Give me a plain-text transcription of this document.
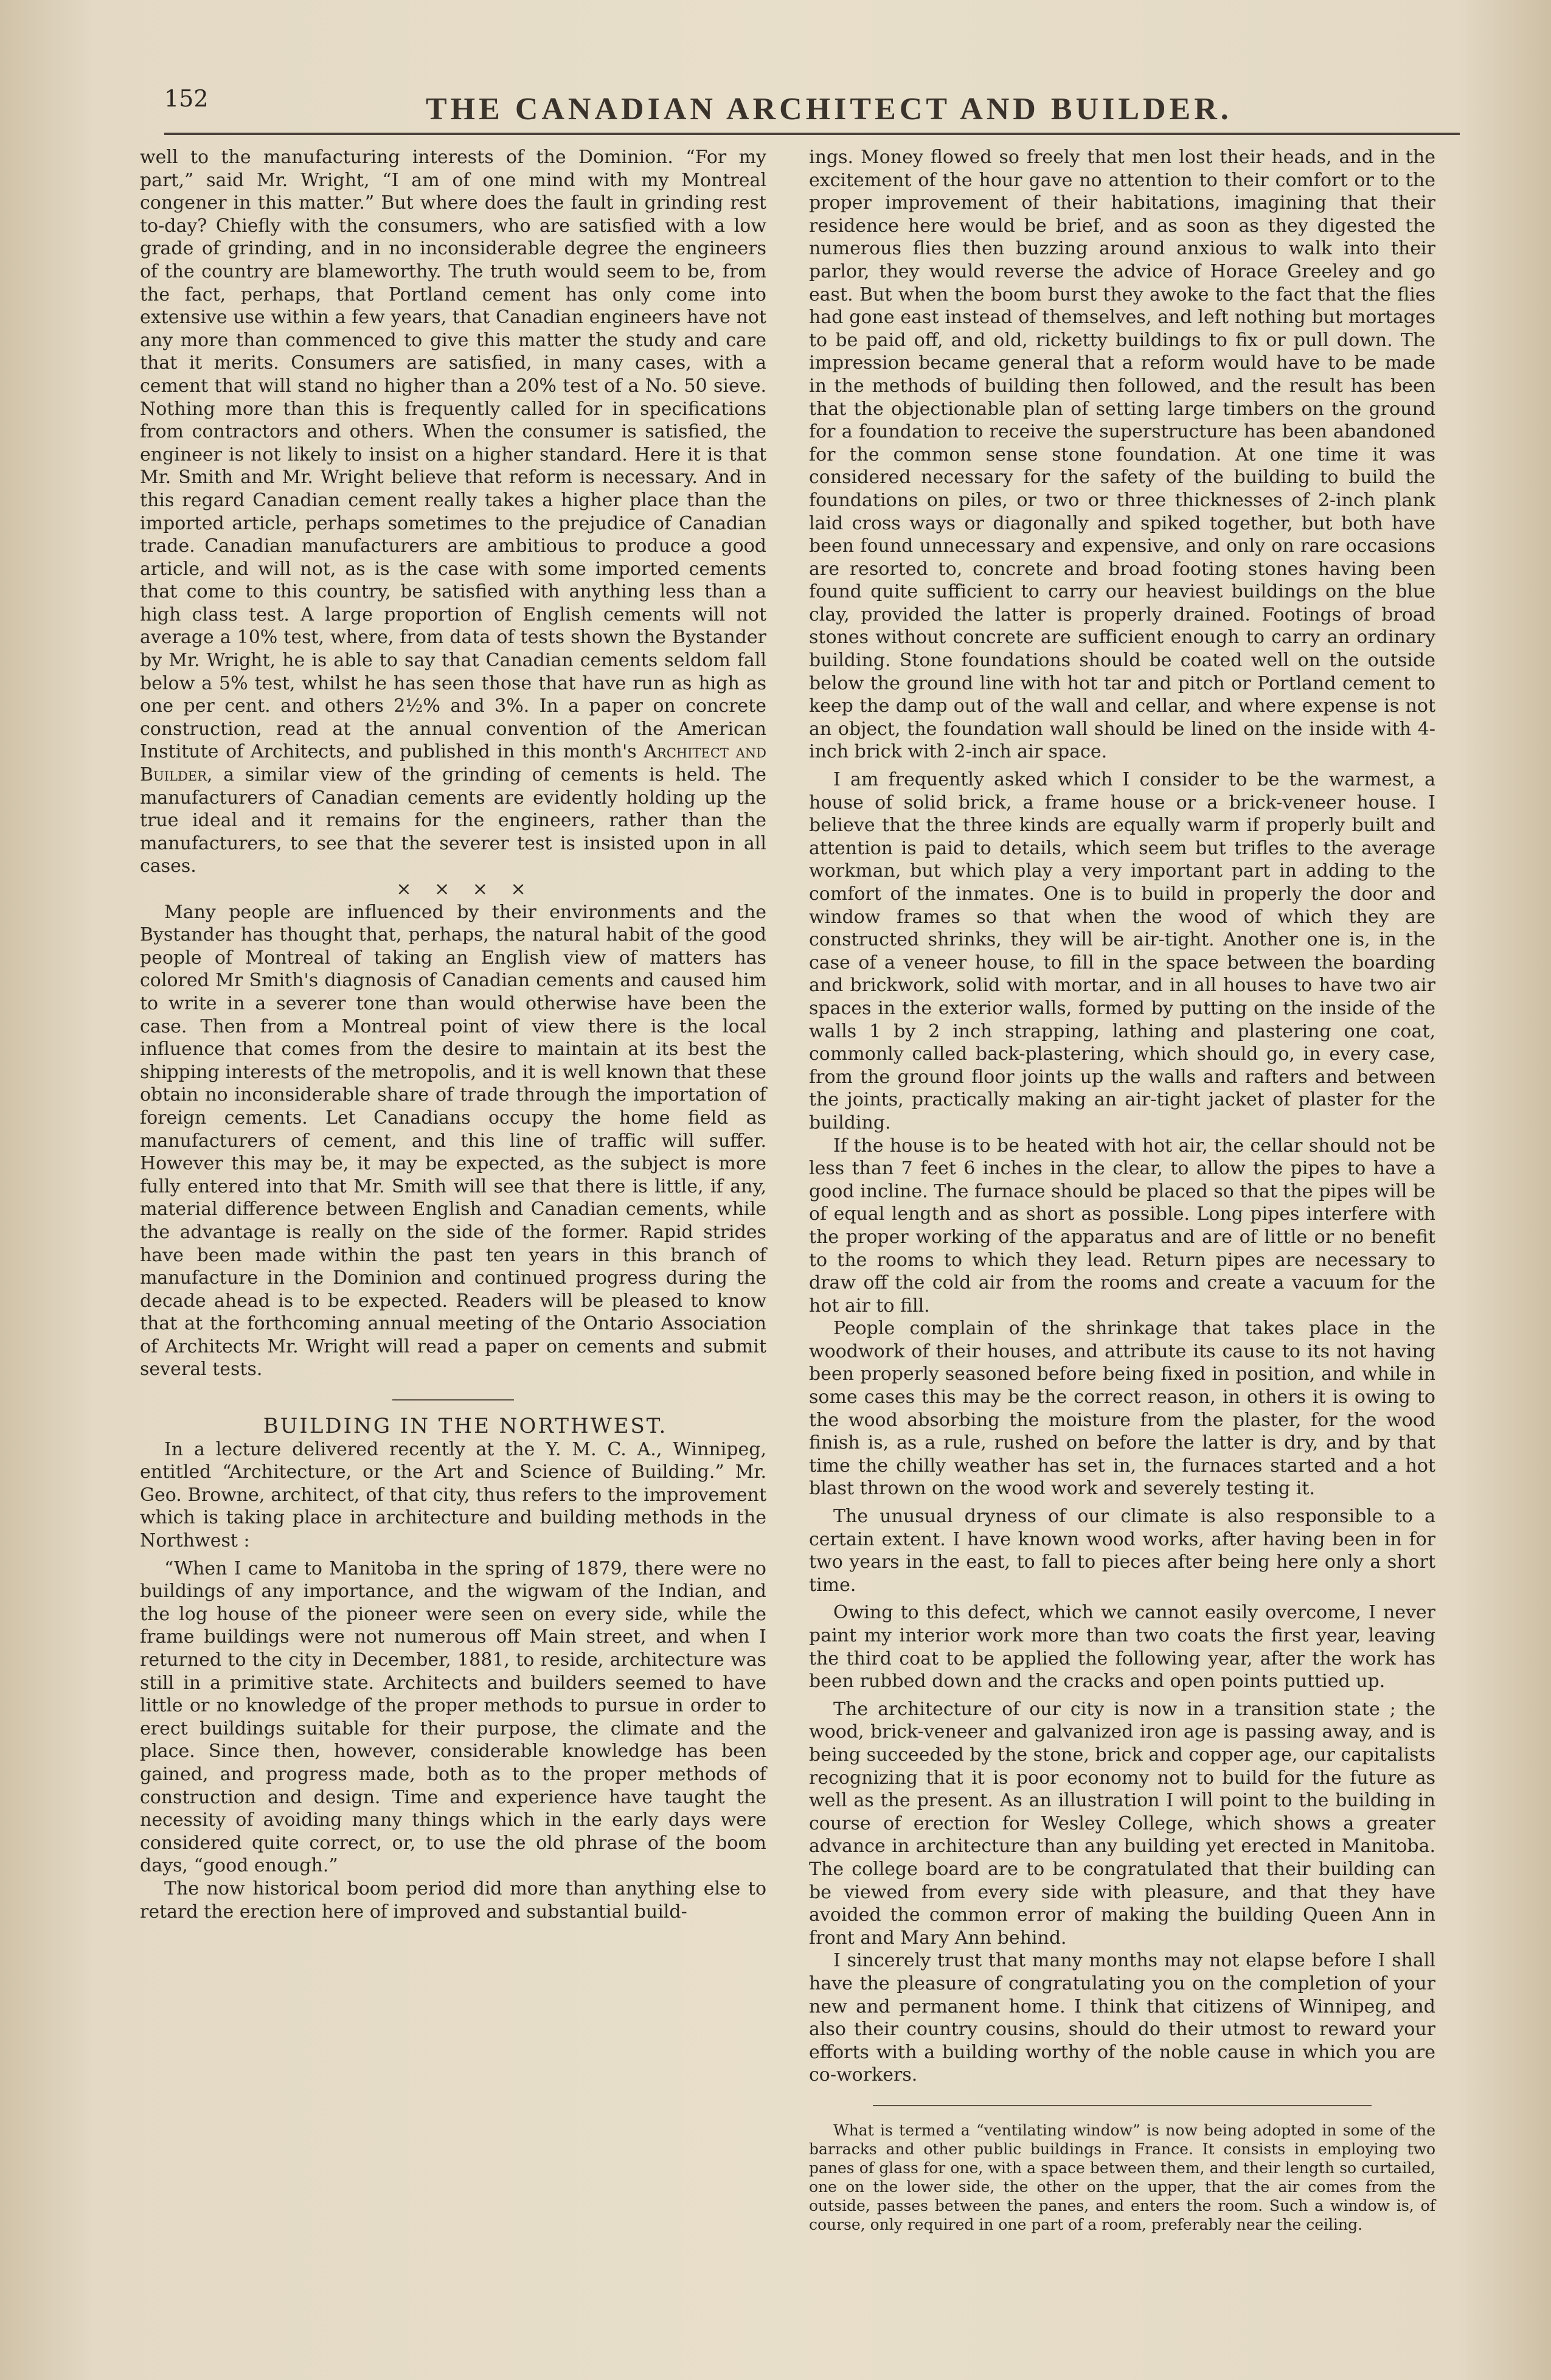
152	THE CANADIAN ARCHITECT AND BUILDER.

well to the manufacturing interests of the Dominion. “For my part,” said Mr. Wright, “I am of one mind with my Montreal congener in this matter.” But where does the fault in grinding rest to-day? Chiefly with the consumers, who are satisfied with a low grade of grinding, and in no inconsiderable degree the engineers of the country are blameworthy. The truth would seem to be, from the fact, perhaps, that Portland cement has only come into extensive use within a few years, that Canadian engineers have not any more than commenced to give this matter the study and care that it merits. Consumers are satisfied, in many cases, with a cement that will stand no higher than a 20% test of a No. 50 sieve. Nothing more than this is frequently called for in specifications from contractors and others. When the consumer is satisfied, the engineer is not likely to insist on a higher standard. Here it is that Mr. Smith and Mr. Wright believe that reform is necessary. And in this regard Canadian cement really takes a higher place than the imported article, perhaps sometimes to the prejudice of Canadian trade. Canadian manufacturers are ambitious to produce a good article, and will not, as is the case with some imported cements that come to this country, be satisfied with anything less than a high class test. A large proportion of English cements will not average a 10% test, where, from data of tests shown the Bystander by Mr. Wright, he is able to say that Canadian cements seldom fall below a 5% test, whilst he has seen those that have run as high as one per cent. and others 2½% and 3%. In a paper on concrete construction, read at the annual convention of the American Institute of Architects, and published in this month's Architect and Builder, a similar view of the grinding of cements is held. The manufacturers of Canadian cements are evidently holding up the true ideal and it remains for the engineers, rather than the manufacturers, to see that the severer test is insisted upon in all cases.

× × × ×

Many people are influenced by their environments and the Bystander has thought that, perhaps, the natural habit of the good people of Montreal of taking an English view of matters has colored Mr Smith's diagnosis of Canadian cements and caused him to write in a severer tone than would otherwise have been the case. Then from a Montreal point of view there is the local influence that comes from the desire to maintain at its best the shipping interests of the metropolis, and it is well known that these obtain no inconsiderable share of trade through the importation of foreign cements. Let Canadians occupy the home field as manufacturers of cement, and this line of traffic will suffer. However this may be, it may be expected, as the subject is more fully entered into that Mr. Smith will see that there is little, if any, material difference between English and Canadian cements, while the advantage is really on the side of the former. Rapid strides have been made within the past ten years in this branch of manufacture in the Dominion and continued progress during the decade ahead is to be expected. Readers will be pleased to know that at the forthcoming annual meeting of the Ontario Association of Architects Mr. Wright will read a paper on cements and submit several tests.

BUILDING IN THE NORTHWEST.

In a lecture delivered recently at the Y. M. C. A., Winnipeg, entitled “Architecture, or the Art and Science of Building.” Mr. Geo. Browne, architect, of that city, thus refers to the improvement which is taking place in architecture and building methods in the Northwest :

“When I came to Manitoba in the spring of 1879, there were no buildings of any importance, and the wigwam of the Indian, and the log house of the pioneer were seen on every side, while the frame buildings were not numerous off Main street, and when I returned to the city in December, 1881, to reside, architecture was still in a primitive state. Architects and builders seemed to have little or no knowledge of the proper methods to pursue in order to erect buildings suitable for their purpose, the climate and the place. Since then, however, considerable knowledge has been gained, and progress made, both as to the proper methods of construction and design. Time and experience have taught the necessity of avoiding many things which in the early days were considered quite correct, or, to use the old phrase of the boom days, “good enough.”

The now historical boom period did more than anything else to retard the erection here of improved and substantial build-

ings. Money flowed so freely that men lost their heads, and in the excitement of the hour gave no attention to their comfort or to the proper improvement of their habitations, imagining that their residence here would be brief, and as soon as they digested the numerous flies then buzzing around anxious to walk into their parlor, they would reverse the advice of Horace Greeley and go east. But when the boom burst they awoke to the fact that the flies had gone east instead of themselves, and left nothing but mortages to be paid off, and old, ricketty buildings to fix or pull down. The impression became general that a reform would have to be made in the methods of building then followed, and the result has been that the objectionable plan of setting large timbers on the ground for a foundation to receive the superstructure has been abandoned for the common sense stone foundation. At one time it was considered necessary for the safety of the building to build the foundations on piles, or two or three thicknesses of 2-inch plank laid cross ways or diagonally and spiked together, but both have been found unnecessary and expensive, and only on rare occasions are resorted to, concrete and broad footing stones having been found quite sufficient to carry our heaviest buildings on the blue clay, provided the latter is properly drained. Footings of broad stones without concrete are sufficient enough to carry an ordinary building. Stone foundations should be coated well on the outside below the ground line with hot tar and pitch or Portland cement to keep the damp out of the wall and cellar, and where expense is not an object, the foundation wall should be lined on the inside with 4-inch brick with 2-inch air space.

I am frequently asked which I consider to be the warmest, a house of solid brick, a frame house or a brick-veneer house. I believe that the three kinds are equally warm if properly built and attention is paid to details, which seem but trifles to the average workman, but which play a very important part in adding to the comfort of the inmates. One is to build in properly the door and window frames so that when the wood of which they are constructed shrinks, they will be air-tight. Another one is, in the case of a veneer house, to fill in the space between the boarding and brickwork, solid with mortar, and in all houses to have two air spaces in the exterior walls, formed by putting on the inside of the walls 1 by 2 inch strapping, lathing and plastering one coat, commonly called back-plastering, which should go, in every case, from the ground floor joints up the walls and rafters and between the joints, practically making an air-tight jacket of plaster for the building.

If the house is to be heated with hot air, the cellar should not be less than 7 feet 6 inches in the clear, to allow the pipes to have a good incline. The furnace should be placed so that the pipes will be of equal length and as short as possible. Long pipes interfere with the proper working of the apparatus and are of little or no benefit to the rooms to which they lead. Return pipes are necessary to draw off the cold air from the rooms and create a vacuum for the hot air to fill.

People complain of the shrinkage that takes place in the woodwork of their houses, and attribute its cause to its not having been properly seasoned before being fixed in position, and while in some cases this may be the correct reason, in others it is owing to the wood absorbing the moisture from the plaster, for the wood finish is, as a rule, rushed on before the latter is dry, and by that time the chilly weather has set in, the furnaces started and a hot blast thrown on the wood work and severely testing it.

The unusual dryness of our climate is also responsible to a certain extent. I have known wood works, after having been in for two years in the east, to fall to pieces after being here only a short time.

Owing to this defect, which we cannot easily overcome, I never paint my interior work more than two coats the first year, leaving the third coat to be applied the following year, after the work has been rubbed down and the cracks and open points puttied up.

The architecture of our city is now in a transition state ; the wood, brick-veneer and galvanized iron age is passing away, and is being succeeded by the stone, brick and copper age, our capitalists recognizing that it is poor economy not to build for the future as well as the present. As an illustration I will point to the building in course of erection for Wesley College, which shows a greater advance in architecture than any building yet erected in Manitoba. The college board are to be congratulated that their building can be viewed from every side with pleasure, and that they have avoided the common error of making the building Queen Ann in front and Mary Ann behind.

I sincerely trust that many months may not elapse before I shall have the pleasure of congratulating you on the completion of your new and permanent home. I think that citizens of Winnipeg, and also their country cousins, should do their utmost to reward your efforts with a building worthy of the noble cause in which you are co-workers.

What is termed a “ventilating window” is now being adopted in some of the barracks and other public buildings in France. It consists in employing two panes of glass for one, with a space between them, and their length so curtailed, one on the lower side, the other on the upper, that the air comes from the outside, passes between the panes, and enters the room. Such a window is, of course, only required in one part of a room, preferably near the ceiling.
